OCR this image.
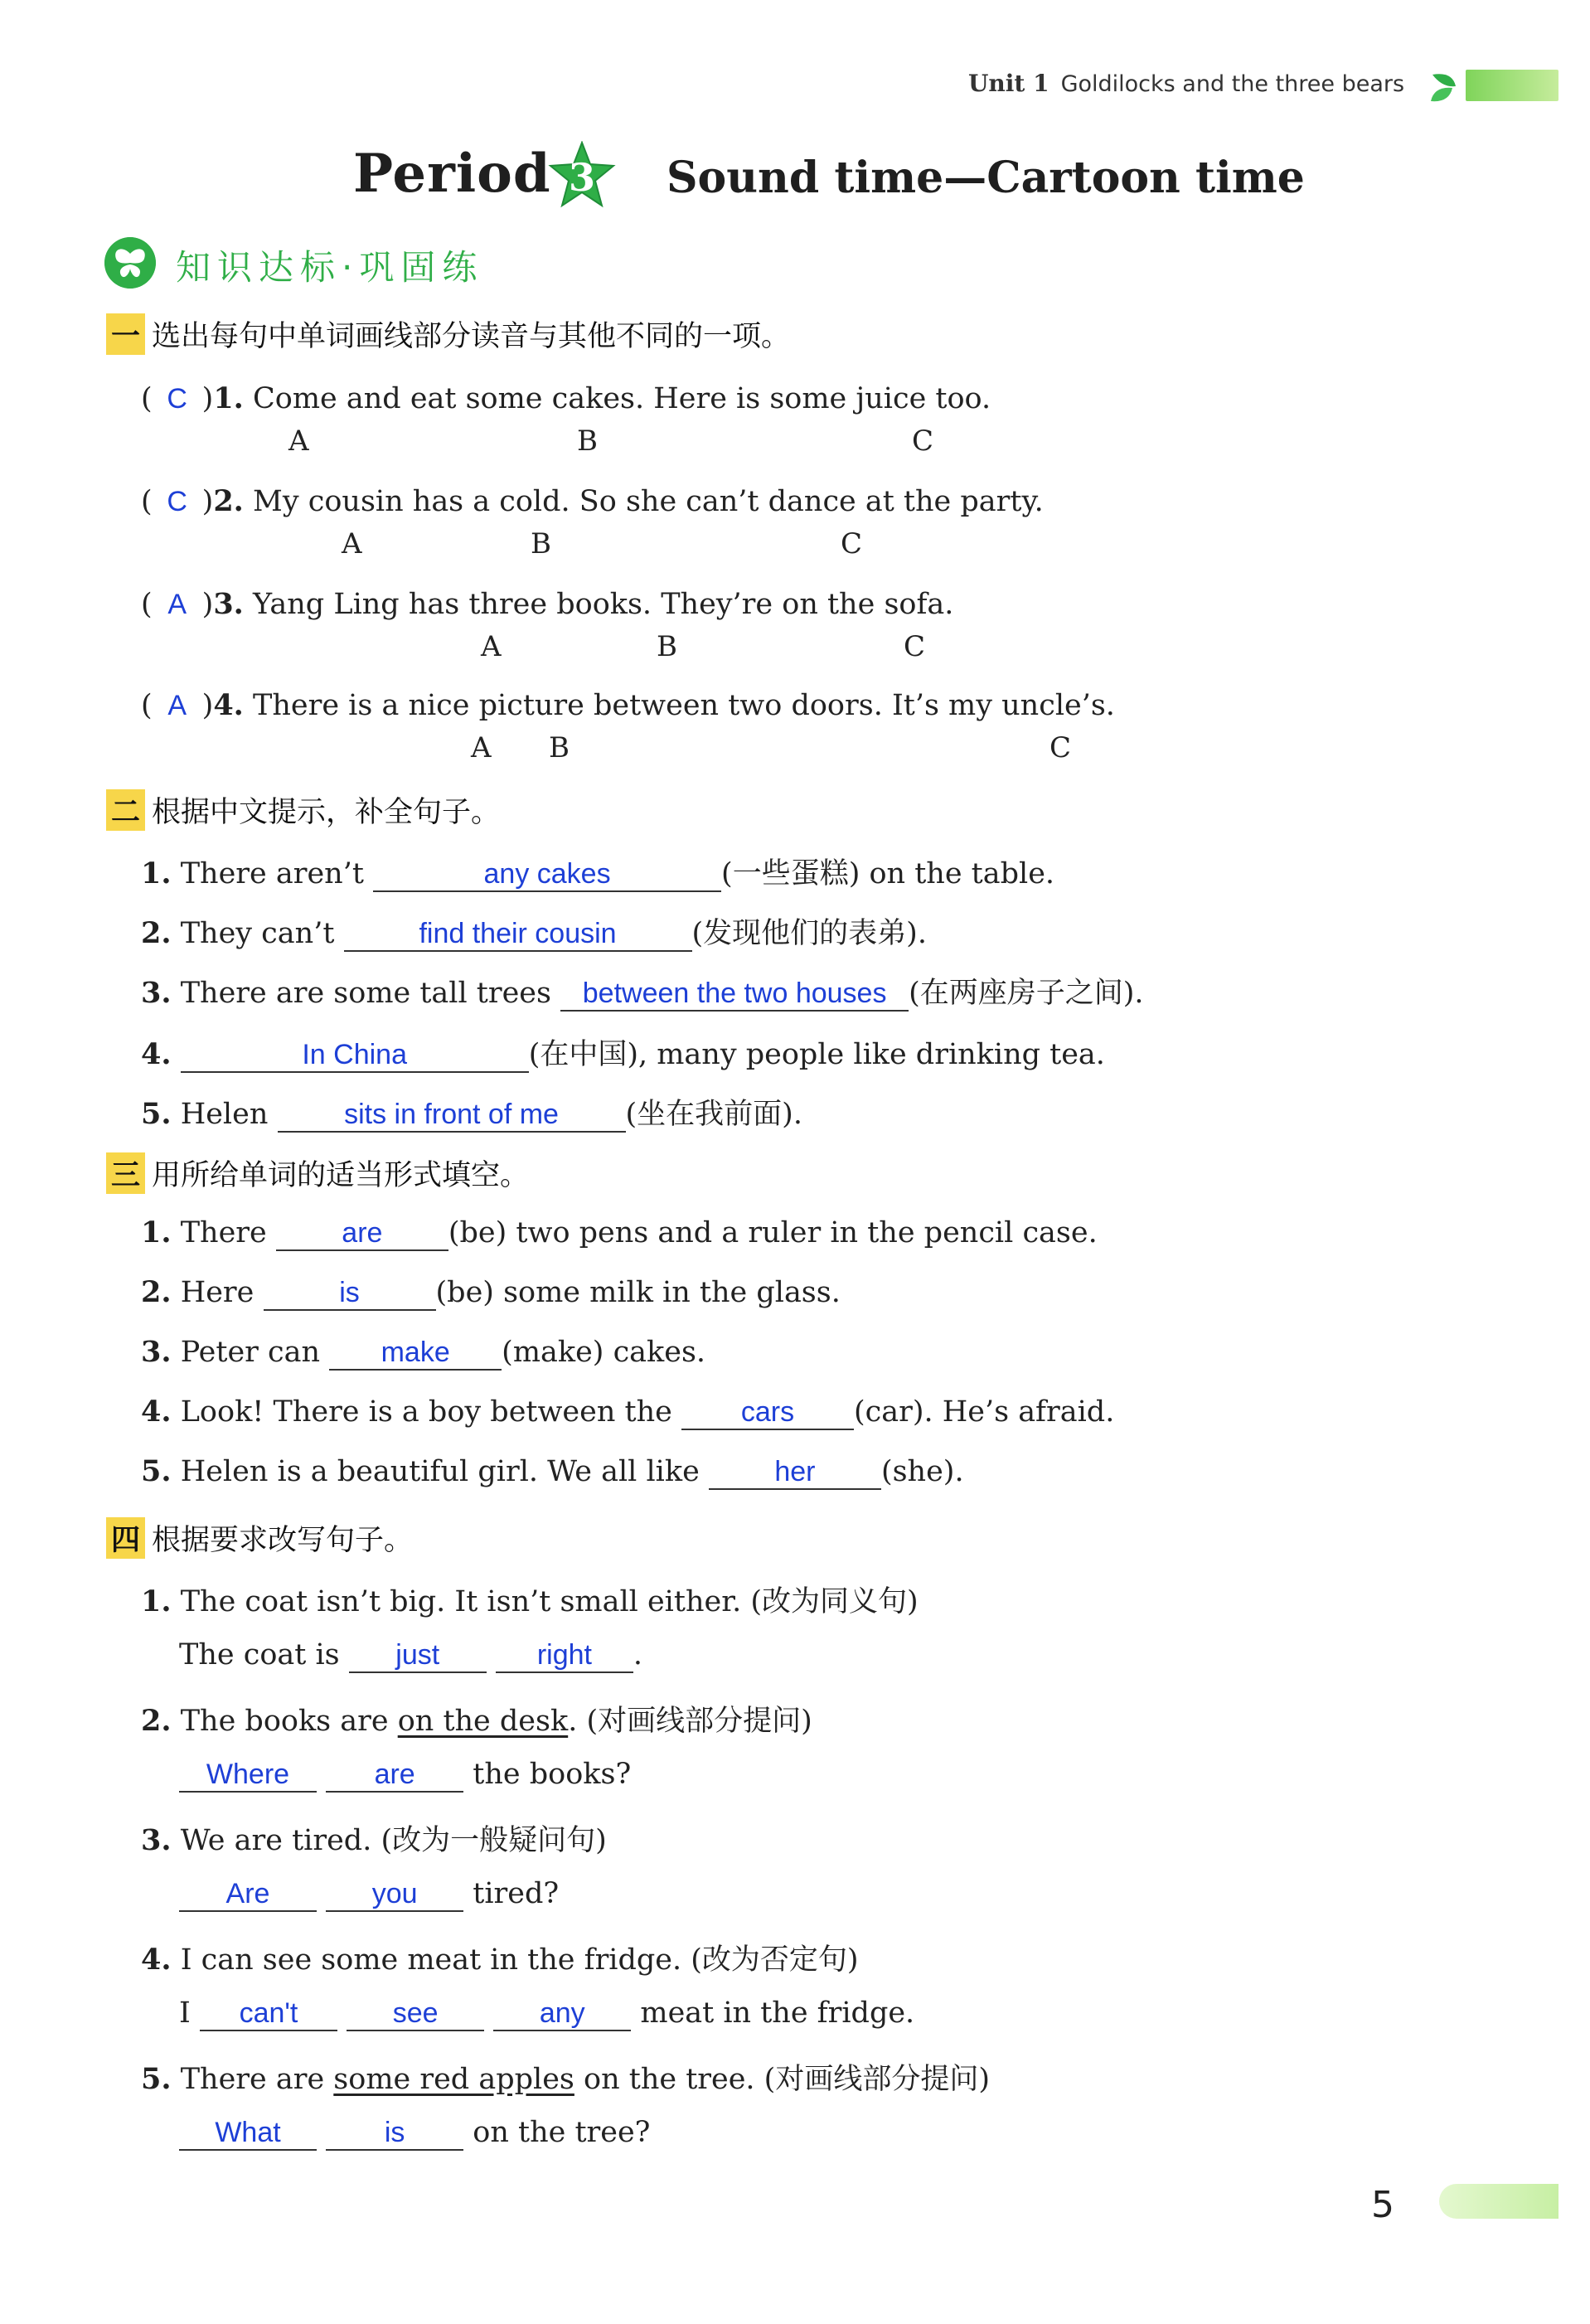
Unit 1 Goldilocks and the three bears
Period 3 Sound time—Cartoon time
知识达标·巩固练
一 选出每句中单词画线部分读音与其他不同的一项。
( C )1. Come and eat some cakes. Here is some juice too.
A	B	C
( C )2. My cousin has a cold. So she can’t dance at the party.
A	B	C
( A )3. Yang Ling has three books. They’re on the sofa.
A	B	C
( A )4. There is a nice picture between two doors. It’s my uncle’s.
A B	C
二 根据中文提示，补全句子。
1. There aren’t	any cakes	(一些蛋糕) on the table.
2. They can’t	find their cousin	(发现他们的表弟).
3. There are some tall trees between the two houses (在两座房子之间).
4.	In China	(在中国), many people like drinking tea.
5. Helen	sits in front of me (坐在我前面).
三 用所给单词的适当形式填空。
1. There	are (be) two pens and a ruler in the pencil case.
2. Here	is	(be) some milk in the glass.
3. Peter can make (make) cakes.
4. Look! There is a boy between the cars (car). He’s afraid.
5. Helen is a beautiful girl. We all like	her (she).
四 根据要求改写句子。
1. The coat isn’t big. It isn’t small either. (改为同义句)
The coat is just	right .
2. The books are on the desk. (对画线部分提问)
Where	are the books?
3. We are tired. (改为一般疑问句)
Are	you tired?
4. I can see some meat in the fridge. (改为否定句)
I can't	see	any meat in the fridge.
5. There are some red apples on the tree. (对画线部分提问)
What	is on the tree?
5
